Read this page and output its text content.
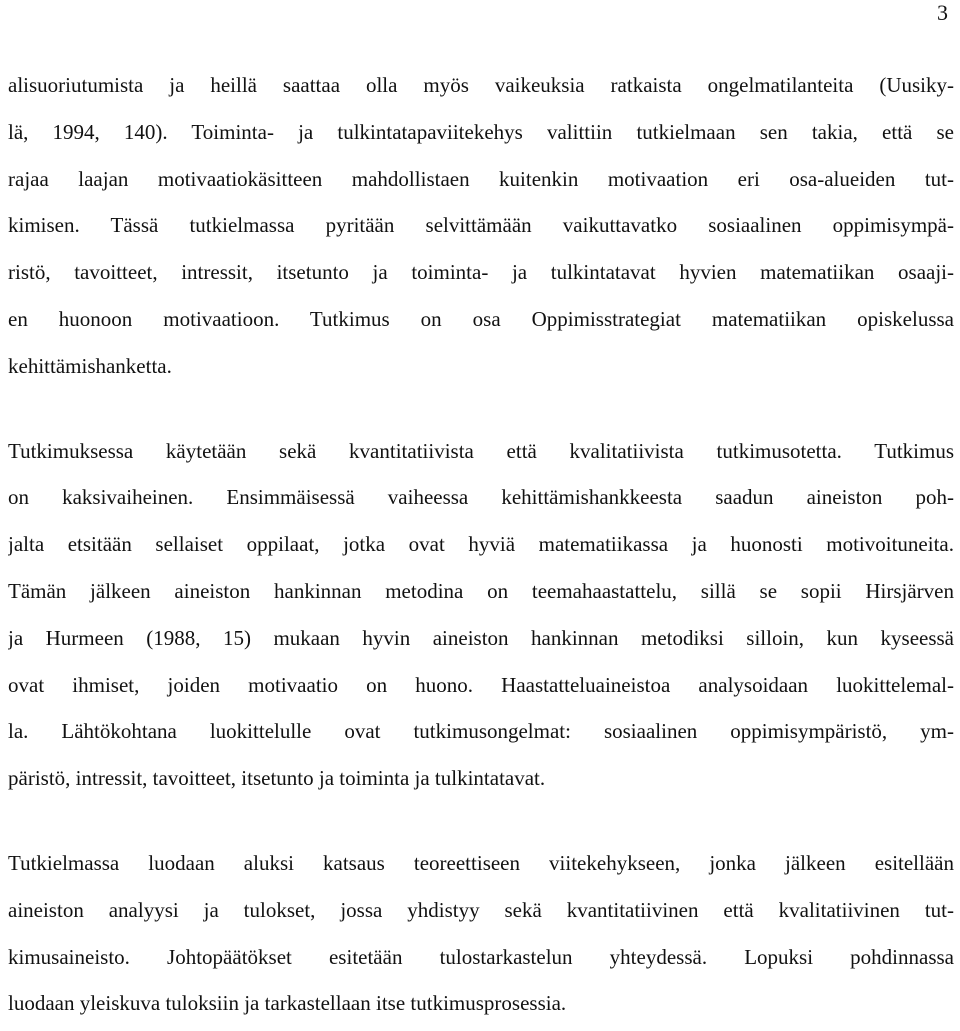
3
alisuoriutumista ja heillä saattaa olla myös vaikeuksia ratkaista ongelmatilanteita (Uusiky-
lä, 1994, 140). Toiminta- ja tulkintatapaviitekehys valittiin tutkielmaan sen takia, että se
rajaa laajan motivaatiokäsitteen mahdollistaen kuitenkin motivaation eri osa-alueiden tut-
kimisen. Tässä tutkielmassa pyritään selvittämään vaikuttavatko sosiaalinen oppimisympä-
ristö, tavoitteet, intressit, itsetunto ja toiminta- ja tulkintatavat hyvien matematiikan osaaji-
en huonoon motivaatioon. Tutkimus on osa Oppimisstrategiat matematiikan opiskelussa
kehittämishanketta.
Tutkimuksessa käytetään sekä kvantitatiivista että kvalitatiivista tutkimusotetta. Tutkimus
on kaksivaiheinen. Ensimmäisessä vaiheessa kehittämishankkeesta saadun aineiston poh-
jalta etsitään sellaiset oppilaat, jotka ovat hyviä matematiikassa ja huonosti motivoituneita.
Tämän jälkeen aineiston hankinnan metodina on teemahaastattelu, sillä se sopii Hirsjärven
ja Hurmeen (1988, 15) mukaan hyvin aineiston hankinnan metodiksi silloin, kun kyseessä
ovat ihmiset, joiden motivaatio on huono. Haastatteluaineistoa analysoidaan luokittelemal-
la. Lähtökohtana luokittelulle ovat tutkimusongelmat: sosiaalinen oppimisympäristö, ym-
päristö, intressit, tavoitteet, itsetunto ja toiminta ja tulkintatavat.
Tutkielmassa luodaan aluksi katsaus teoreettiseen viitekehykseen, jonka jälkeen esitellään
aineiston analyysi ja tulokset, jossa yhdistyy sekä kvantitatiivinen että kvalitatiivinen tut-
kimusaineisto. Johtopäätökset esitetään tulostarkastelun yhteydessä. Lopuksi pohdinnassa
luodaan yleiskuva tuloksiin ja tarkastellaan itse tutkimusprosessia.
